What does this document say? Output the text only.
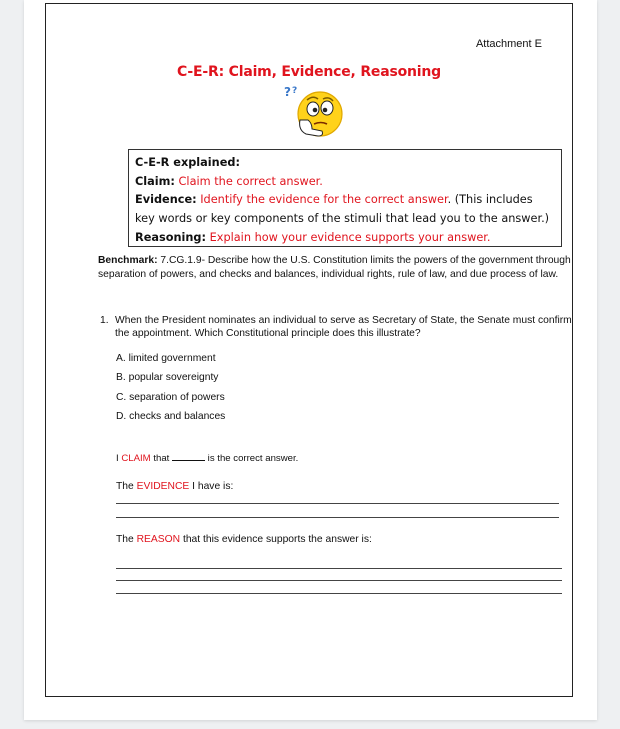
Attachment E
C-E-R: Claim, Evidence, Reasoning
? ?
C-E-R explained:
Claim: Claim the correct answer.
Evidence: Identify the evidence for the correct answer. (This includes key words or key components of the stimuli that lead you to the answer.)
Reasoning: Explain how your evidence supports your answer.
Benchmark: 7.CG.1.9- Describe how the U.S. Constitution limits the powers of the government through separation of powers, and checks and balances, individual rights, rule of law, and due process of law.
1. When the President nominates an individual to serve as Secretary of State, the Senate must confirm the appointment. Which Constitutional principle does this illustrate?
A. limited government
B. popular sovereignty
C. separation of powers
D. checks and balances
I CLAIM that	is the correct answer.
The EVIDENCE I have is:
The REASON that this evidence supports the answer is:
